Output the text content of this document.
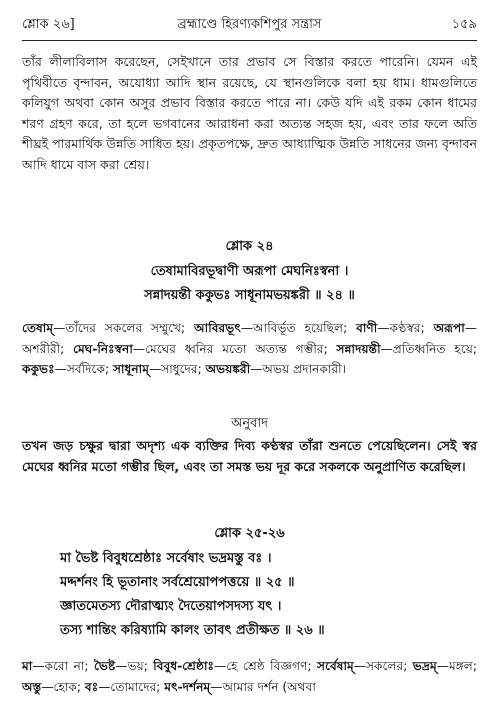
শ্লোক ২৬]	ব্রহ্মাণ্ডে হিরণ্যকশিপুর সন্ত্রাস	১৫৯
তাঁর লীলাবিলাস করেছেন, সেইখানে তার প্রভাব সে বিস্তার করতে পারেনি। যেমন এই পৃথিবীতে বৃন্দাবন, অযোধ্যা আদি স্থান রয়েছে, যে স্থানগুলিকে বলা হয় ধাম। ধামগুলিতে কলিযুগ অথবা কোন অসুর প্রভাব বিস্তার করতে পারে না। কেউ যদি এই রকম কোন ধামের শরণ গ্রহণ করে, তা হলে ভগবানের আরাধনা করা অত্যন্ত সহজ হয়, এবং তার ফলে অতি শীঘ্রই পারমার্থিক উন্নতি সাধিত হয়। প্রকৃতপক্ষে, দ্রুত আধ্যাত্মিক উন্নতি সাধনের জন্য বৃন্দাবন আদি ধামে বাস করা শ্রেয়।
শ্লোক ২৪
তেষামাবিরভূদ্বাণী অরূপা মেঘনিঃস্বনা ।
সন্নাদয়ন্তী ককুভঃ সাধূনামভয়ঙ্করী ॥ ২৪ ॥
তেষাম্—তাঁদের সকলের সম্মুখে; আবিরভূৎ—আবির্ভূত হয়েছিল; বাণী—কণ্ঠস্বর; অরূপা—অশরীরী; মেঘ-নিঃস্বনা—মেঘের ধ্বনির মতো অত্যন্ত গম্ভীর; সন্নাদয়ন্তী—প্রতিধ্বনিত হয়ে; ককুভঃ—সর্বদিকে; সাধূনাম্—সাধুদের; অভয়ঙ্করী—অভয় প্রদানকারী।
অনুবাদ
তখন জড় চক্ষুর দ্বারা অদৃশ্য এক ব্যক্তির দিব্য কণ্ঠস্বর তাঁরা শুনতে পেয়েছিলেন। সেই স্বর মেঘের ধ্বনির মতো গম্ভীর ছিল, এবং তা সমস্ত ভয় দূর করে সকলকে অনুপ্রাণিত করেছিল।
শ্লোক ২৫-২৬
মা ভৈষ্ট বিবুধশ্রেষ্ঠাঃ সর্বেষাং ভদ্রমস্তু বঃ ।
মদ্দর্শনং হি ভূতানাং সর্বশ্রেয়োপপত্তয়ে ॥ ২৫ ॥
জ্ঞাতমেতস্য দৌরাত্ম্যং দৈতেয়াপসদস্য যৎ ।
তস্য শান্তিং করিষ্যামি কালং তাবৎ প্রতীক্ষত ॥ ২৬ ॥
মা—করো না; ভৈষ্ট—ভয়; বিবুধ-শ্রেষ্ঠাঃ—হে শ্রেষ্ঠ বিজ্ঞগণ; সর্বেষাম্—সকলের; ভদ্রম্—মঙ্গল; অস্তু—হোক; বঃ—তোমাদের; মৎ-দর্শনম্—আমার দর্শন (অথবা
